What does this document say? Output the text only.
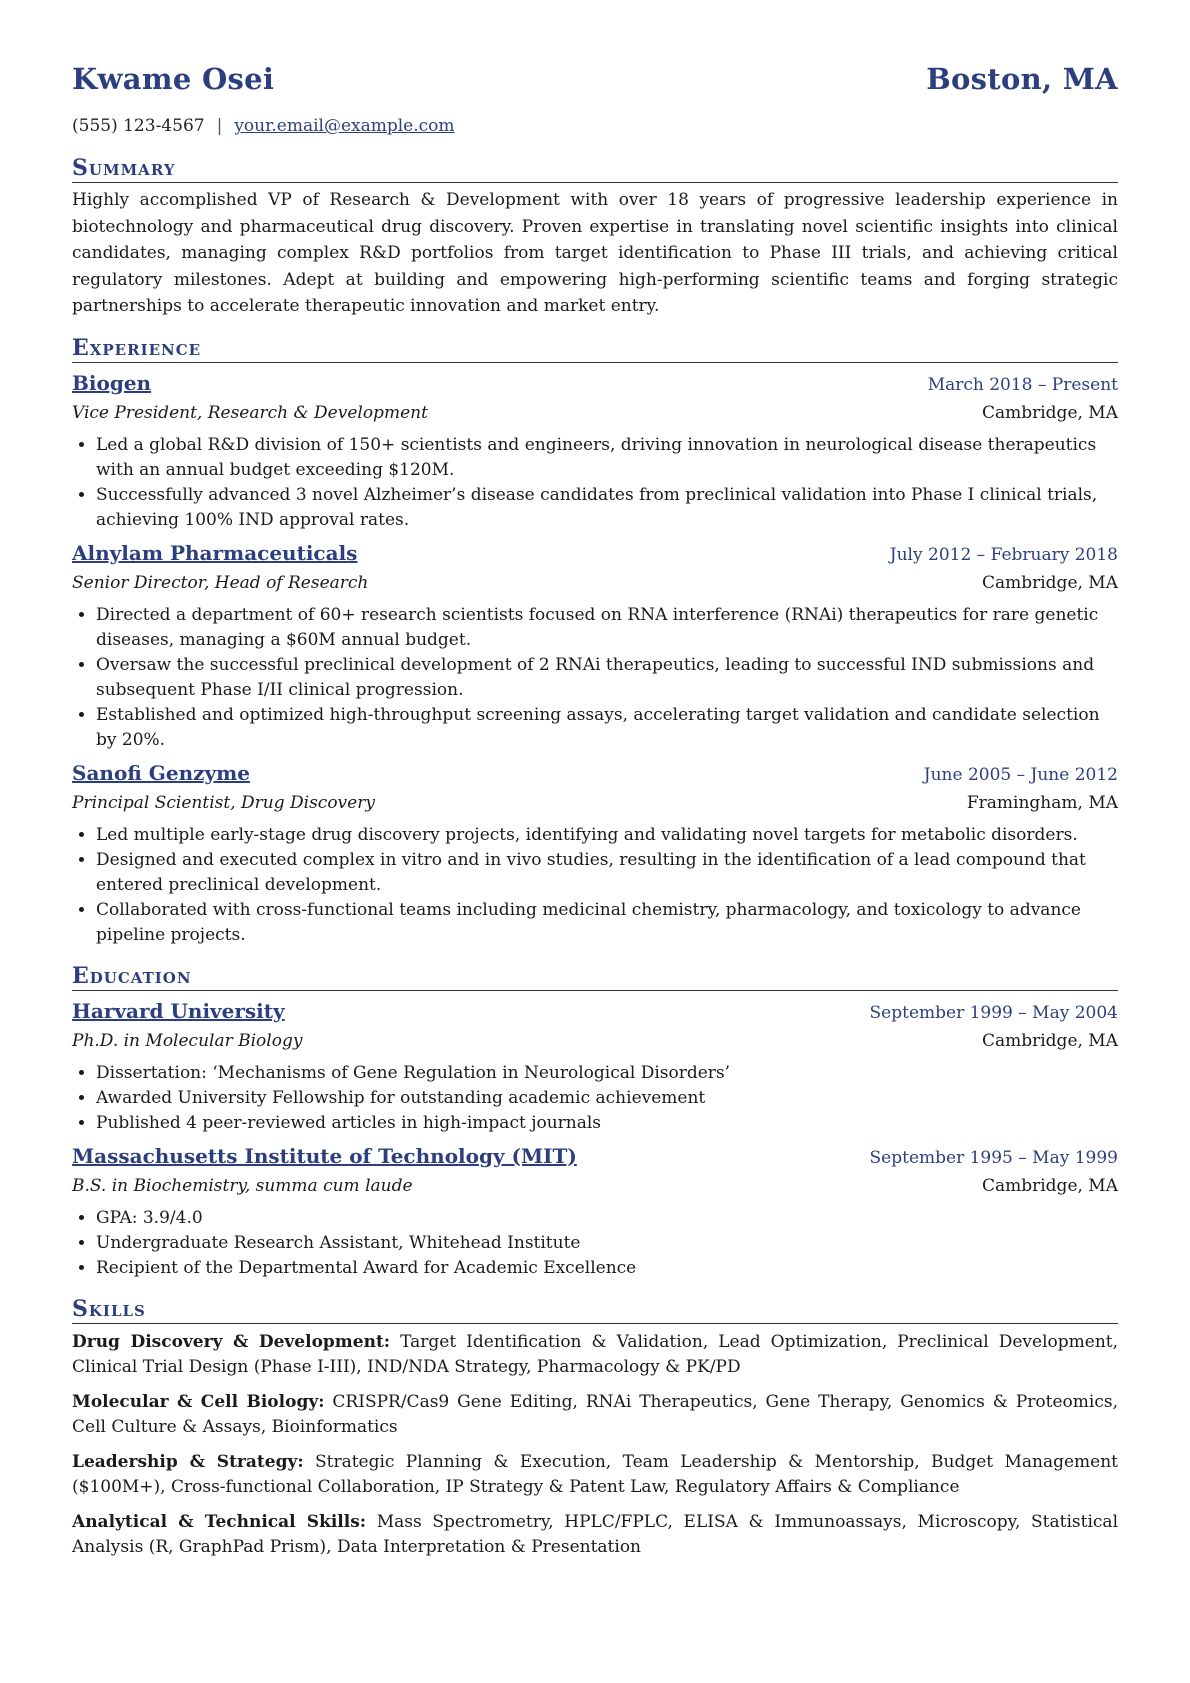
Kwame Osei	Boston, MA
(555) 123-4567 | your.email@example.com
Summary
Highly accomplished VP of Research & Development with over 18 years of progressive leadership experience in biotechnology and pharmaceutical drug discovery. Proven expertise in translating novel scientific insights into clinical candidates, managing complex R&D portfolios from target identification to Phase III trials, and achieving critical regulatory milestones. Adept at building and empowering high-performing scientific teams and forging strategic partnerships to accelerate therapeutic innovation and market entry.
Experience
Biogen	March 2018 – Present
Vice President, Research & Development	Cambridge, MA
• Led a global R&D division of 150+ scientists and engineers, driving innovation in neurological disease therapeutics with an annual budget exceeding $120M.
• Successfully advanced 3 novel Alzheimer’s disease candidates from preclinical validation into Phase I clinical trials, achieving 100% IND approval rates.
Alnylam Pharmaceuticals	July 2012 – February 2018
Senior Director, Head of Research	Cambridge, MA
• Directed a department of 60+ research scientists focused on RNA interference (RNAi) therapeutics for rare genetic diseases, managing a $60M annual budget.
• Oversaw the successful preclinical development of 2 RNAi therapeutics, leading to successful IND submissions and subsequent Phase I/II clinical progression.
• Established and optimized high-throughput screening assays, accelerating target validation and candidate selection by 20%.
Sanofi Genzyme	June 2005 – June 2012
Principal Scientist, Drug Discovery	Framingham, MA
• Led multiple early-stage drug discovery projects, identifying and validating novel targets for metabolic disorders.
• Designed and executed complex in vitro and in vivo studies, resulting in the identification of a lead compound that entered preclinical development.
• Collaborated with cross-functional teams including medicinal chemistry, pharmacology, and toxicology to advance pipeline projects.
Education
Harvard University	September 1999 – May 2004
Ph.D. in Molecular Biology	Cambridge, MA
• Dissertation: ‘Mechanisms of Gene Regulation in Neurological Disorders’
• Awarded University Fellowship for outstanding academic achievement
• Published 4 peer-reviewed articles in high-impact journals
Massachusetts Institute of Technology (MIT)	September 1995 – May 1999
B.S. in Biochemistry, summa cum laude	Cambridge, MA
• GPA: 3.9/4.0
• Undergraduate Research Assistant, Whitehead Institute
• Recipient of the Departmental Award for Academic Excellence
Skills
Drug Discovery & Development: Target Identification & Validation, Lead Optimization, Preclinical Development, Clinical Trial Design (Phase I-III), IND/NDA Strategy, Pharmacology & PK/PD
Molecular & Cell Biology: CRISPR/Cas9 Gene Editing, RNAi Therapeutics, Gene Therapy, Genomics & Proteomics, Cell Culture & Assays, Bioinformatics
Leadership & Strategy: Strategic Planning & Execution, Team Leadership & Mentorship, Budget Management ($100M+), Cross-functional Collaboration, IP Strategy & Patent Law, Regulatory Affairs & Compliance
Analytical & Technical Skills: Mass Spectrometry, HPLC/FPLC, ELISA & Immunoassays, Microscopy, Statistical Analysis (R, GraphPad Prism), Data Interpretation & Presentation
